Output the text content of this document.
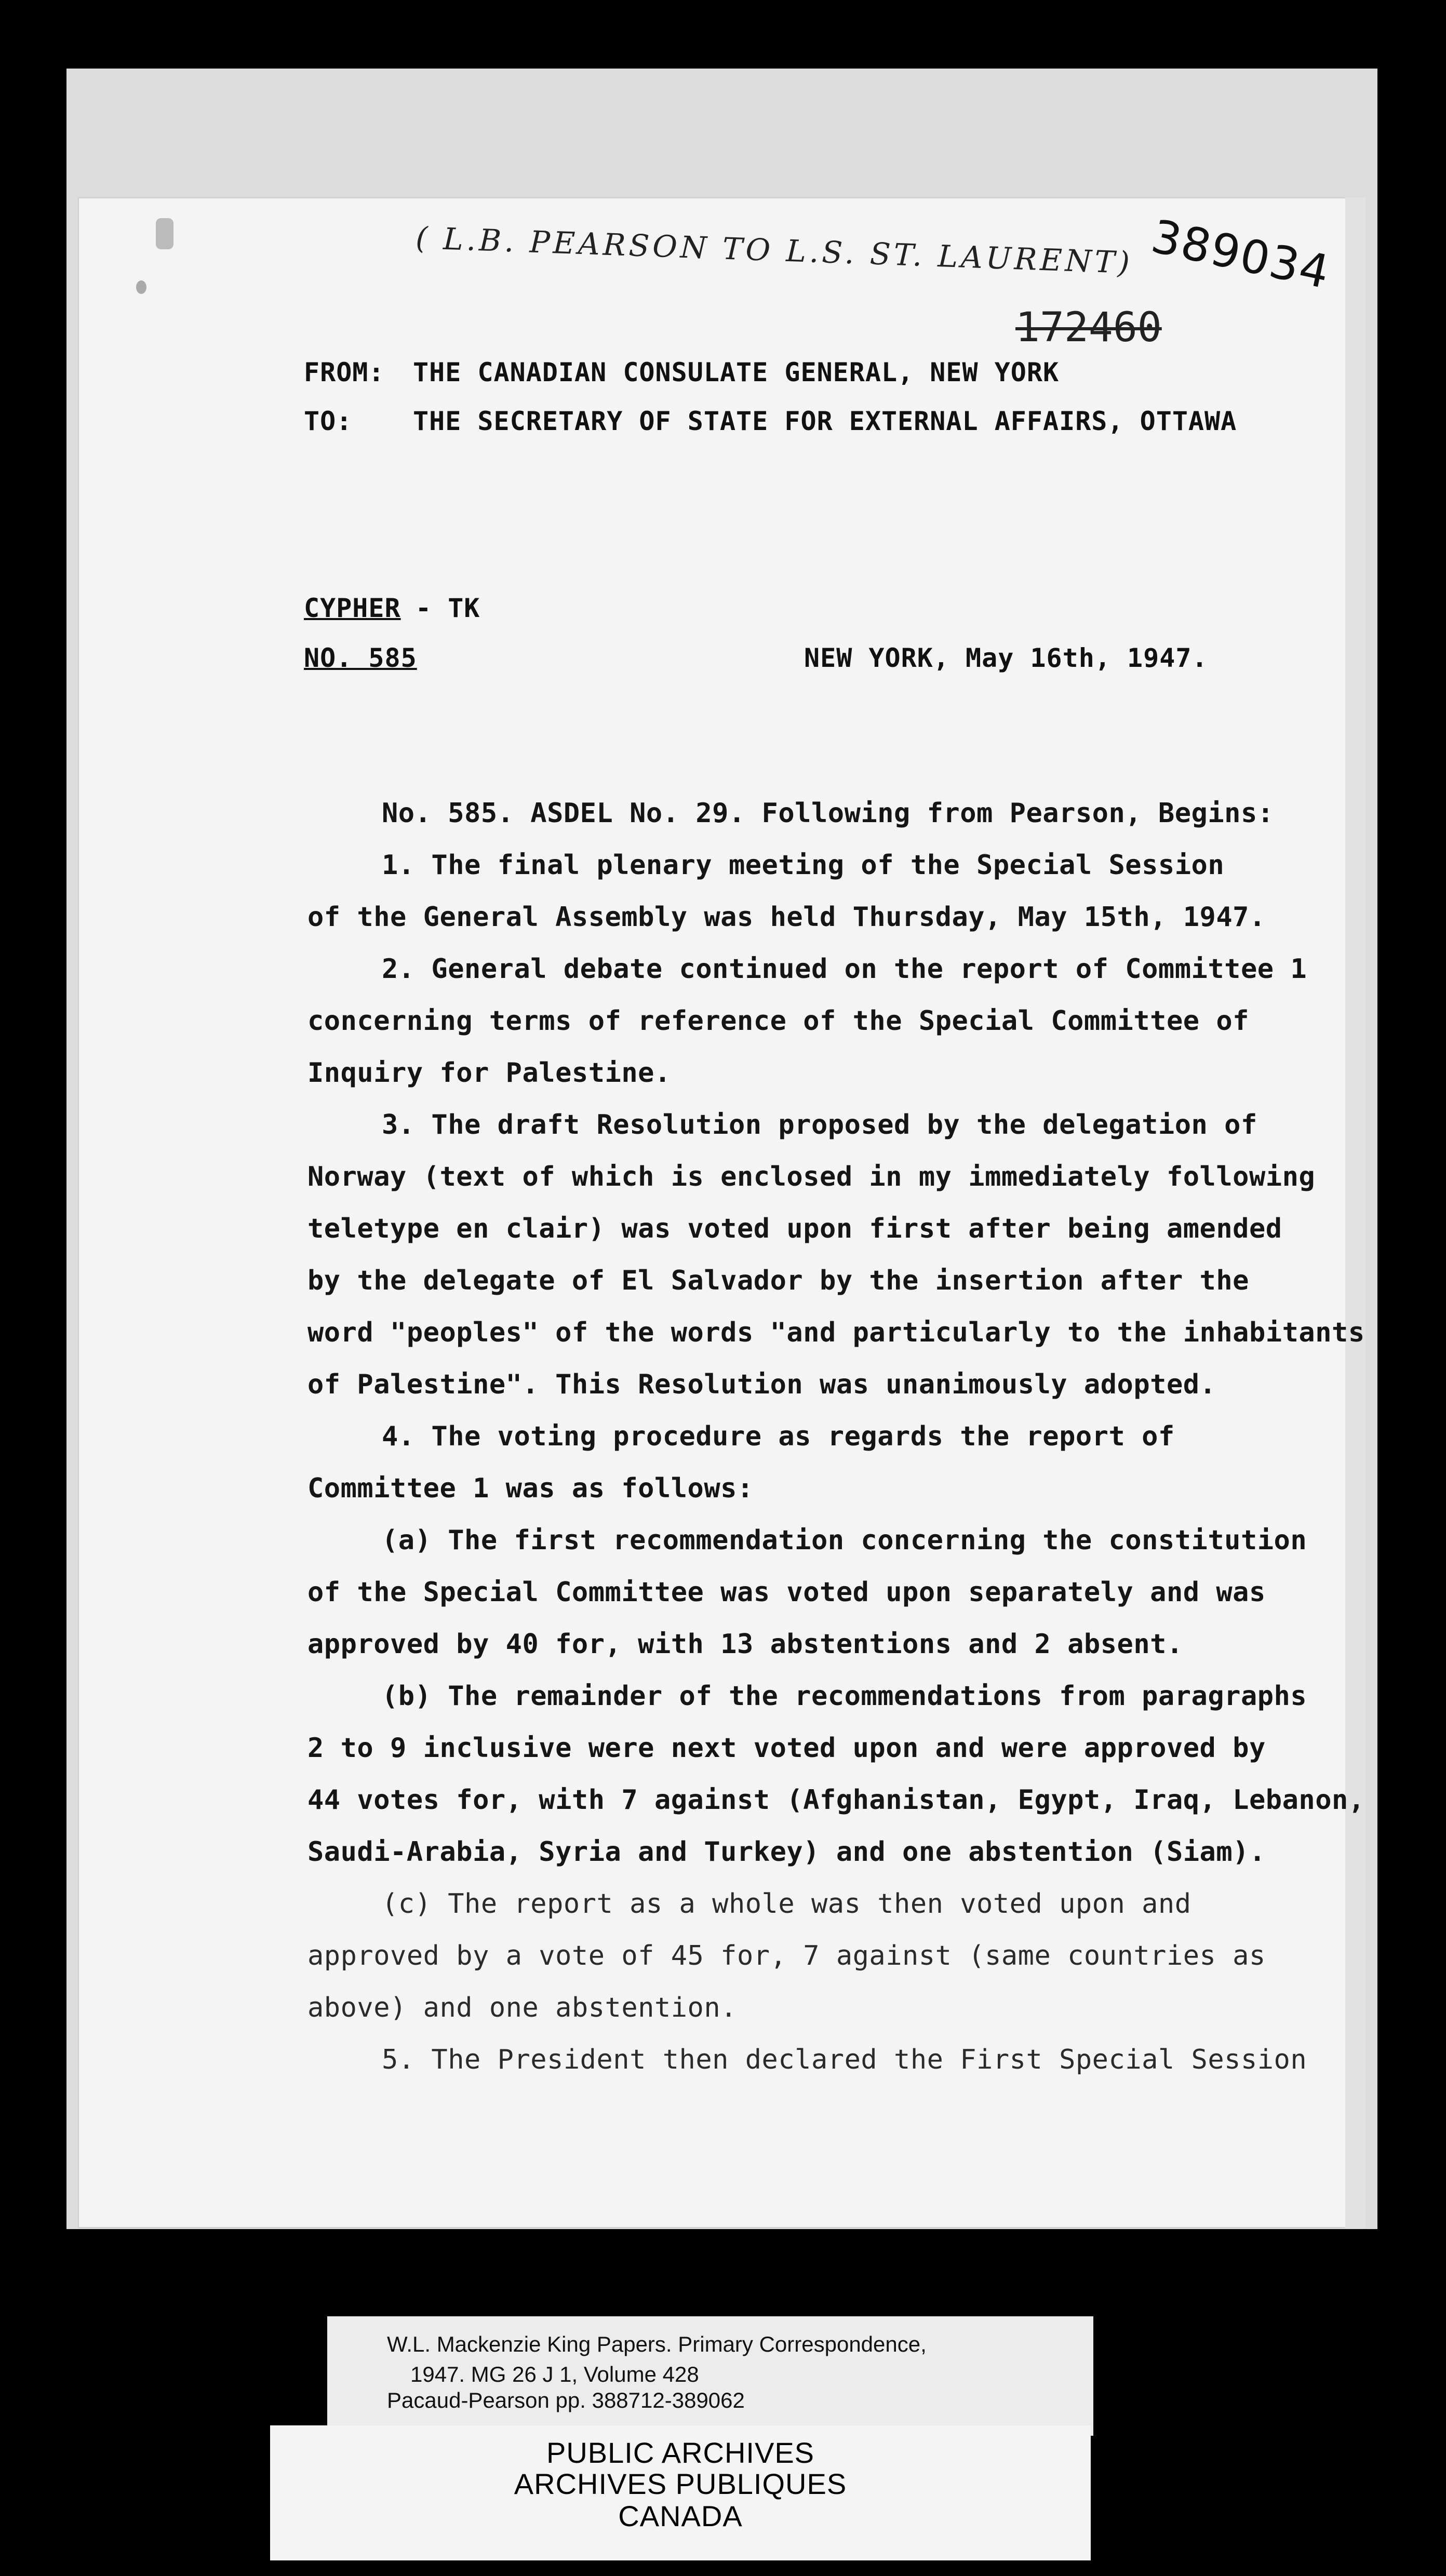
( L.B. PEARSON TO L.S. ST. LAURENT) 389034
172460
FROM: THE CANADIAN CONSULATE GENERAL, NEW YORK
TO: THE SECRETARY OF STATE FOR EXTERNAL AFFAIRS, OTTAWA
CYPHER - TK
NO. 585	NEW YORK, May 16th, 1947.
No. 585. ASDEL No. 29. Following from Pearson, Begins:
1. The final plenary meeting of the Special Session
of the General Assembly was held Thursday, May 15th, 1947.
2. General debate continued on the report of Committee 1
concerning terms of reference of the Special Committee of
Inquiry for Palestine.
3. The draft Resolution proposed by the delegation of
Norway (text of which is enclosed in my immediately following
teletype en clair) was voted upon first after being amended
by the delegate of El Salvador by the insertion after the
word "peoples" of the words "and particularly to the inhabitants
of Palestine". This Resolution was unanimously adopted.
4. The voting procedure as regards the report of
Committee 1 was as follows:
(a) The first recommendation concerning the constitution
of the Special Committee was voted upon separately and was
approved by 40 for, with 13 abstentions and 2 absent.
(b) The remainder of the recommendations from paragraphs
2 to 9 inclusive were next voted upon and were approved by
44 votes for, with 7 against (Afghanistan, Egypt, Iraq, Lebanon,
Saudi-Arabia, Syria and Turkey) and one abstention (Siam).
(c) The report as a whole was then voted upon and
approved by a vote of 45 for, 7 against (same countries as
above) and one abstention.
5. The President then declared the First Special Session
W.L. Mackenzie King Papers. Primary Correspondence,
1947. MG 26 J 1, Volume 428
Pacaud-Pearson pp. 388712-389062
PUBLIC ARCHIVES
ARCHIVES PUBLIQUES
CANADA
